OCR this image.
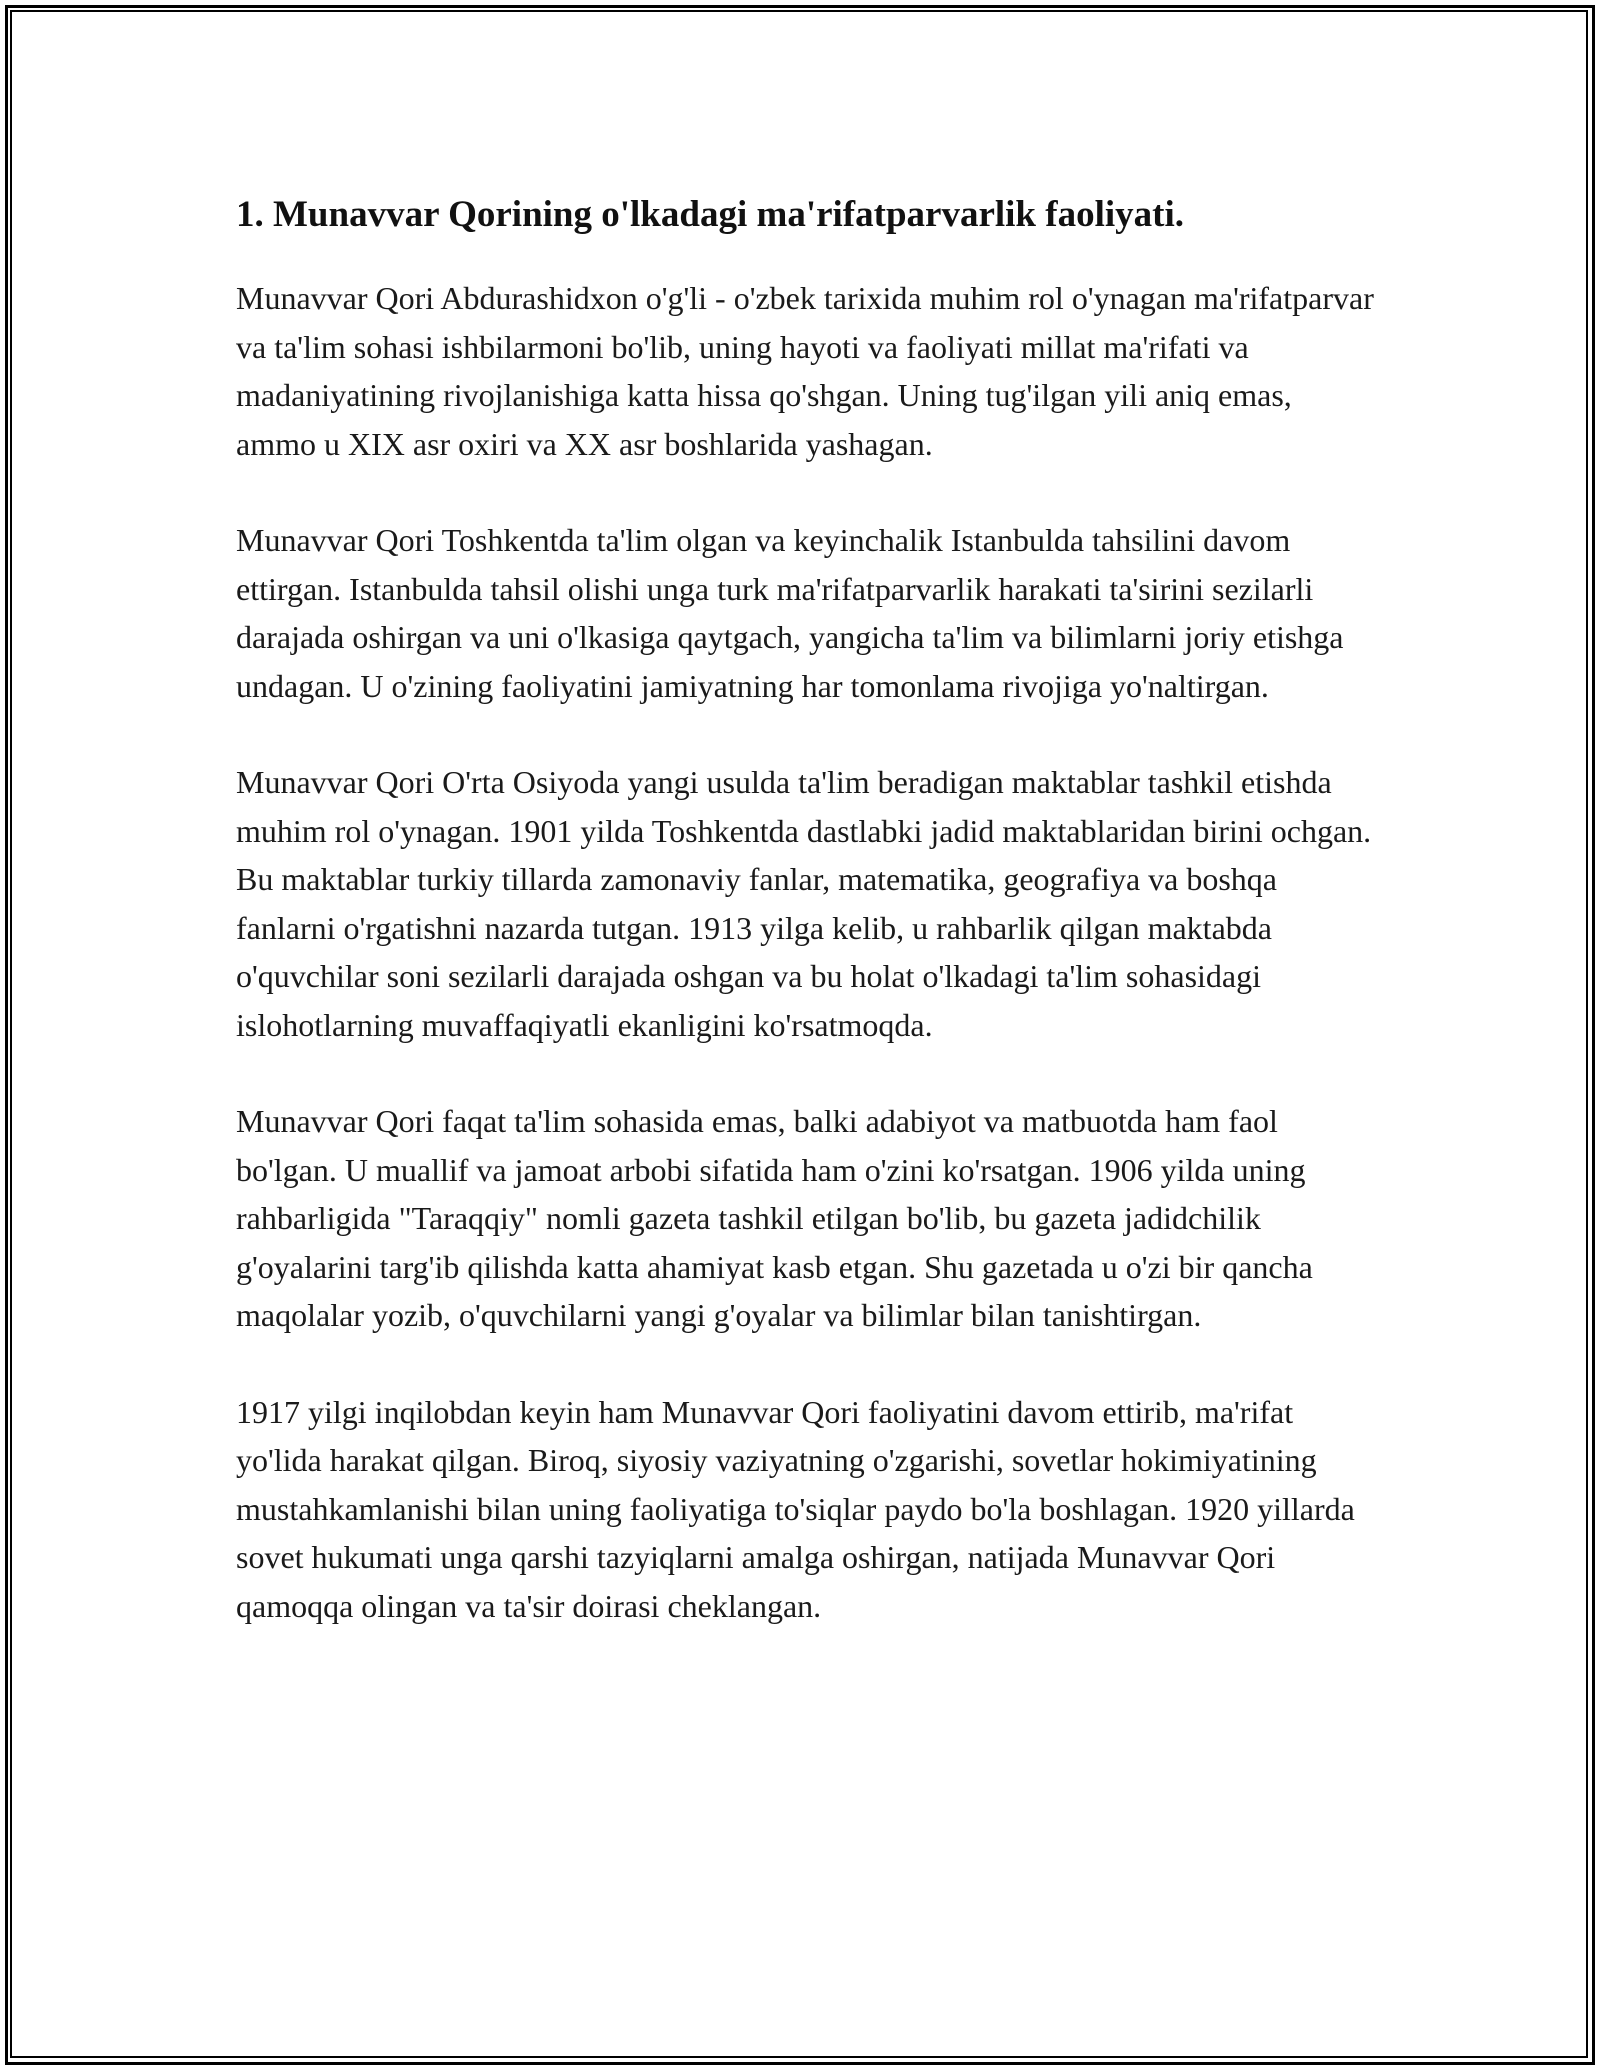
1. Munavvar Qorining o'lkadagi ma'rifatparvarlik faoliyati.

Munavvar Qori Abdurashidxon o'g'li - o'zbek tarixida muhim rol o'ynagan ma'rifatparvar va ta'lim sohasi ishbilarmoni bo'lib, uning hayoti va faoliyati millat ma'rifati va madaniyatining rivojlanishiga katta hissa qo'shgan. Uning tug'ilgan yili aniq emas, ammo u XIX asr oxiri va XX asr boshlarida yashagan.

Munavvar Qori Toshkentda ta'lim olgan va keyinchalik Istanbulda tahsilini davom ettirgan. Istanbulda tahsil olishi unga turk ma'rifatparvarlik harakati ta'sirini sezilarli darajada oshirgan va uni o'lkasiga qaytgach, yangicha ta'lim va bilimlarni joriy etishga undagan. U o'zining faoliyatini jamiyatning har tomonlama rivojiga yo'naltirgan.

Munavvar Qori O'rta Osiyoda yangi usulda ta'lim beradigan maktablar tashkil etishda muhim rol o'ynagan. 1901 yilda Toshkentda dastlabki jadid maktablaridan birini ochgan. Bu maktablar turkiy tillarda zamonaviy fanlar, matematika, geografiya va boshqa fanlarni o'rgatishni nazarda tutgan. 1913 yilga kelib, u rahbarlik qilgan maktabda o'quvchilar soni sezilarli darajada oshgan va bu holat o'lkadagi ta'lim sohasidagi islohotlarning muvaffaqiyatli ekanligini ko'rsatmoqda.

Munavvar Qori faqat ta'lim sohasida emas, balki adabiyot va matbuotda ham faol bo'lgan. U muallif va jamoat arbobi sifatida ham o'zini ko'rsatgan. 1906 yilda uning rahbarligida "Taraqqiy" nomli gazeta tashkil etilgan bo'lib, bu gazeta jadidchilik g'oyalarini targ'ib qilishda katta ahamiyat kasb etgan. Shu gazetada u o'zi bir qancha maqolalar yozib, o'quvchilarni yangi g'oyalar va bilimlar bilan tanishtirgan.

1917 yilgi inqilobdan keyin ham Munavvar Qori faoliyatini davom ettirib, ma'rifat yo'lida harakat qilgan. Biroq, siyosiy vaziyatning o'zgarishi, sovetlar hokimiyatining mustahkamlanishi bilan uning faoliyatiga to'siqlar paydo bo'la boshlagan. 1920 yillarda sovet hukumati unga qarshi tazyiqlarni amalga oshirgan, natijada Munavvar Qori qamoqqa olingan va ta'sir doirasi cheklangan.
